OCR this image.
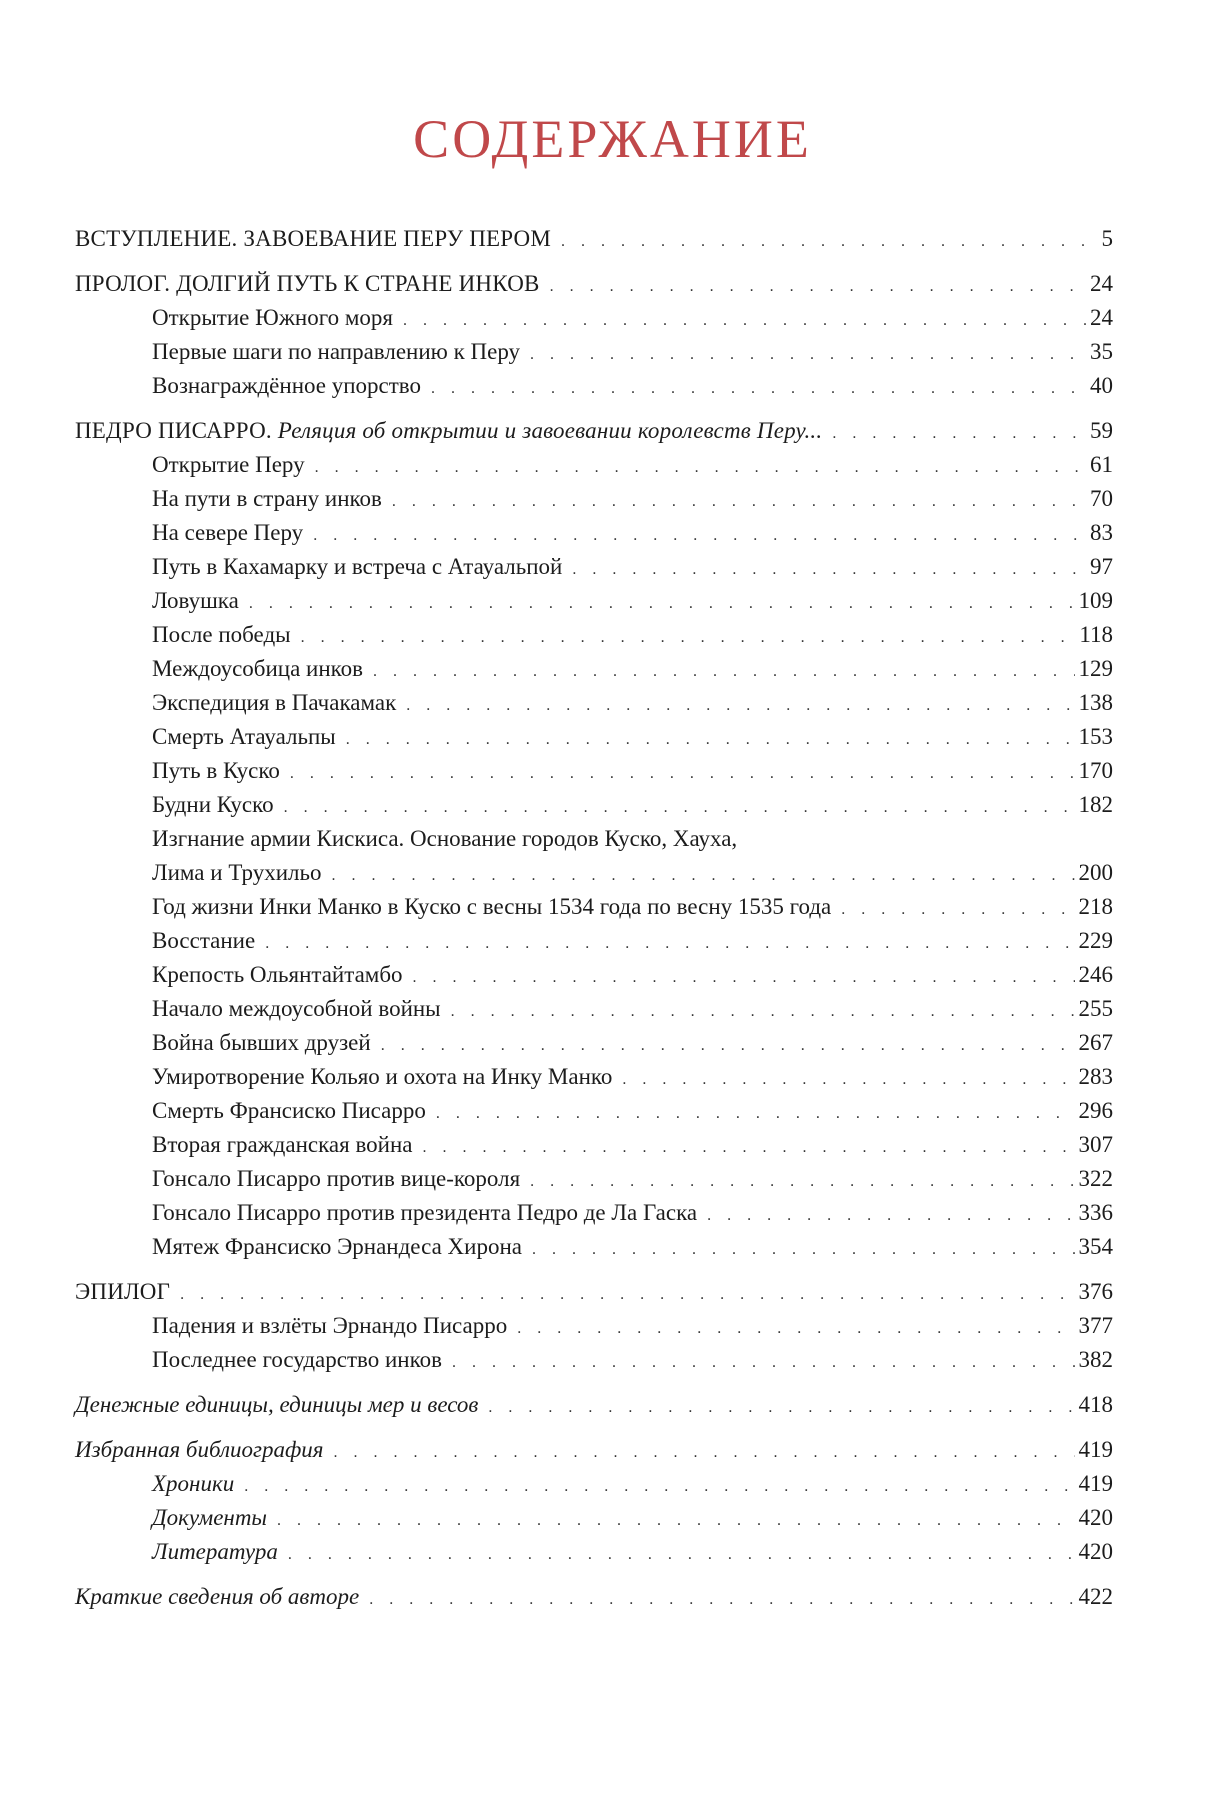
СОДЕРЖАНИЕ
ВСТУПЛЕНИЕ. ЗАВОЕВАНИЕ ПЕРУ ПЕРОМ . . .	5
ПРОЛОГ. ДОЛГИЙ ПУТЬ К СТРАНЕ ИНКОВ . . .	24
Открытие Южного моря . . .	24
Первые шаги по направлению к Перу . . .	35
Вознаграждённое упорство . . .	40
ПЕДРО ПИСАРРО. Реляция об открытии и завоевании королевств Перу... . . .	59
Открытие Перу . . .	61
На пути в страну инков . . .	70
На севере Перу . . .	83
Путь в Кахамарку и встреча с Атауальпой . . .	97
Ловушка . . .	109
После победы . . .	118
Междоусобица инков . . .	129
Экспедиция в Пачакамак . . .	138
Смерть Атауальпы . . .	153
Путь в Куско . . .	170
Будни Куско . . .	182
Изгнание армии Кискиса. Основание городов Куско, Хауха,
Лима и Трухильо . . .	200
Год жизни Инки Манко в Куско с весны 1534 года по весну 1535 года . . .	218
Восстание . . .	229
Крепость Ольянтайтамбо . . .	246
Начало междоусобной войны . . .	255
Война бывших друзей . . .	267
Умиротворение Кольяо и охота на Инку Манко . . .	283
Смерть Франсиско Писарро . . .	296
Вторая гражданская война . . .	307
Гонсало Писарро против вице-короля . . .	322
Гонсало Писарро против президента Педро де Ла Гаска . . .	336
Мятеж Франсиско Эрнандеса Хирона . . .	354
ЭПИЛОГ . . .	376
Падения и взлёты Эрнандо Писарро . . .	377
Последнее государство инков . . .	382
Денежные единицы, единицы мер и весов . . .	418
Избранная библиография . . .	419
Хроники . . .	419
Документы . . .	420
Литература . . .	420
Краткие сведения об авторе . . .	422
